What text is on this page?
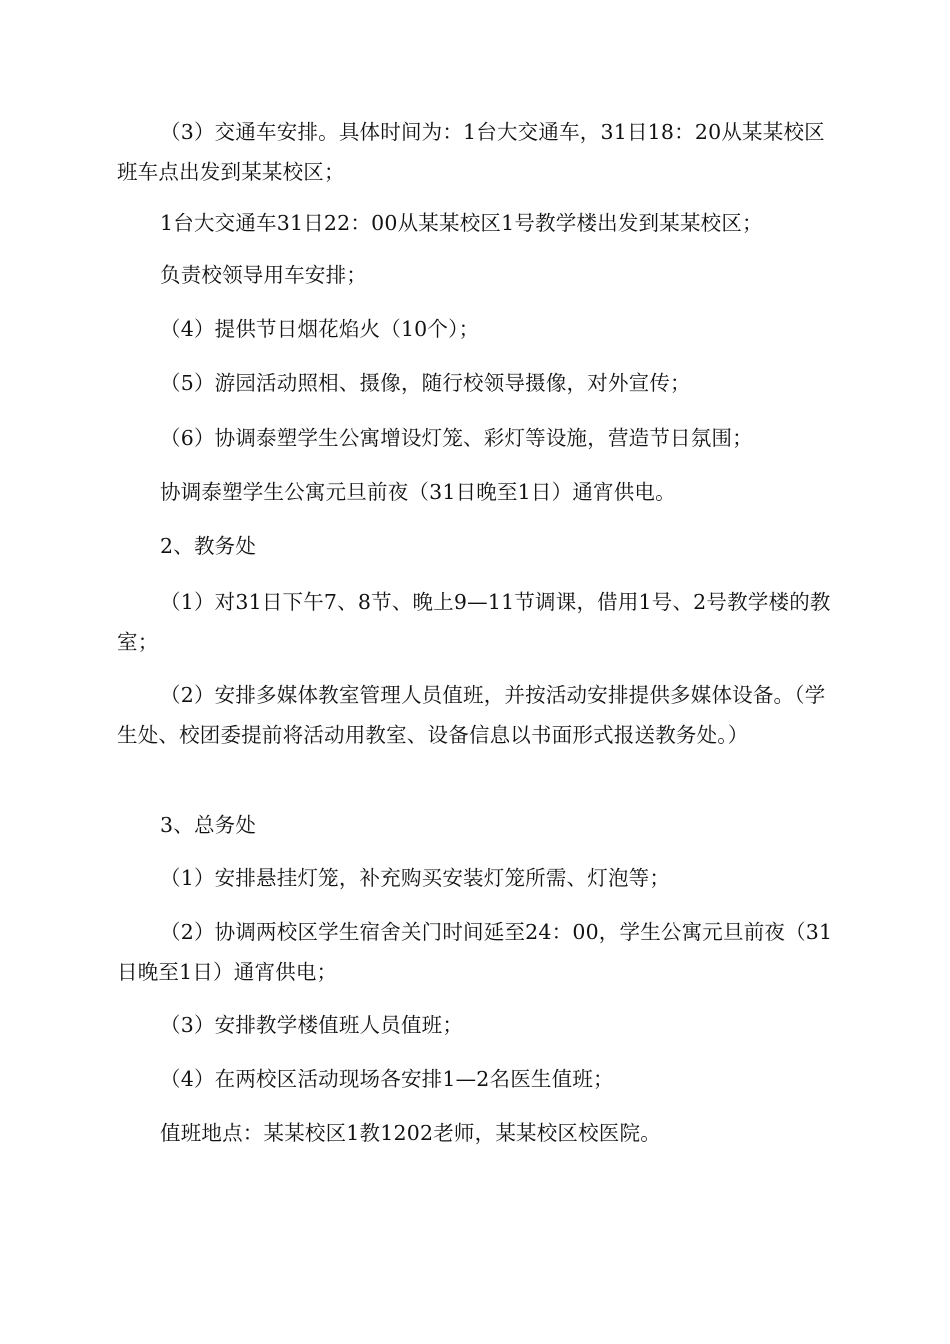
（3）交通车安排。具体时间为：1台大交通车，31日18：20从某某校区班车点出发到某某校区；

1台大交通车31日22：00从某某校区1号教学楼出发到某某校区；

负责校领导用车安排；

（4）提供节日烟花焰火（10个）；

（5）游园活动照相、摄像，随行校领导摄像，对外宣传；

（6）协调泰塑学生公寓增设灯笼、彩灯等设施，营造节日氛围；

协调泰塑学生公寓元旦前夜（31日晚至1日）通宵供电。

2、教务处

（1）对31日下午7、8节、晚上9—11节调课，借用1号、2号教学楼的教室；

（2）安排多媒体教室管理人员值班，并按活动安排提供多媒体设备。（学生处、校团委提前将活动用教室、设备信息以书面形式报送教务处。）

3、总务处

（1）安排悬挂灯笼，补充购买安装灯笼所需、灯泡等；

（2）协调两校区学生宿舍关门时间延至24：00，学生公寓元旦前夜（31日晚至1日）通宵供电；

（3）安排教学楼值班人员值班；

（4）在两校区活动现场各安排1—2名医生值班；

值班地点：某某校区1教1202老师，某某校区校医院。
